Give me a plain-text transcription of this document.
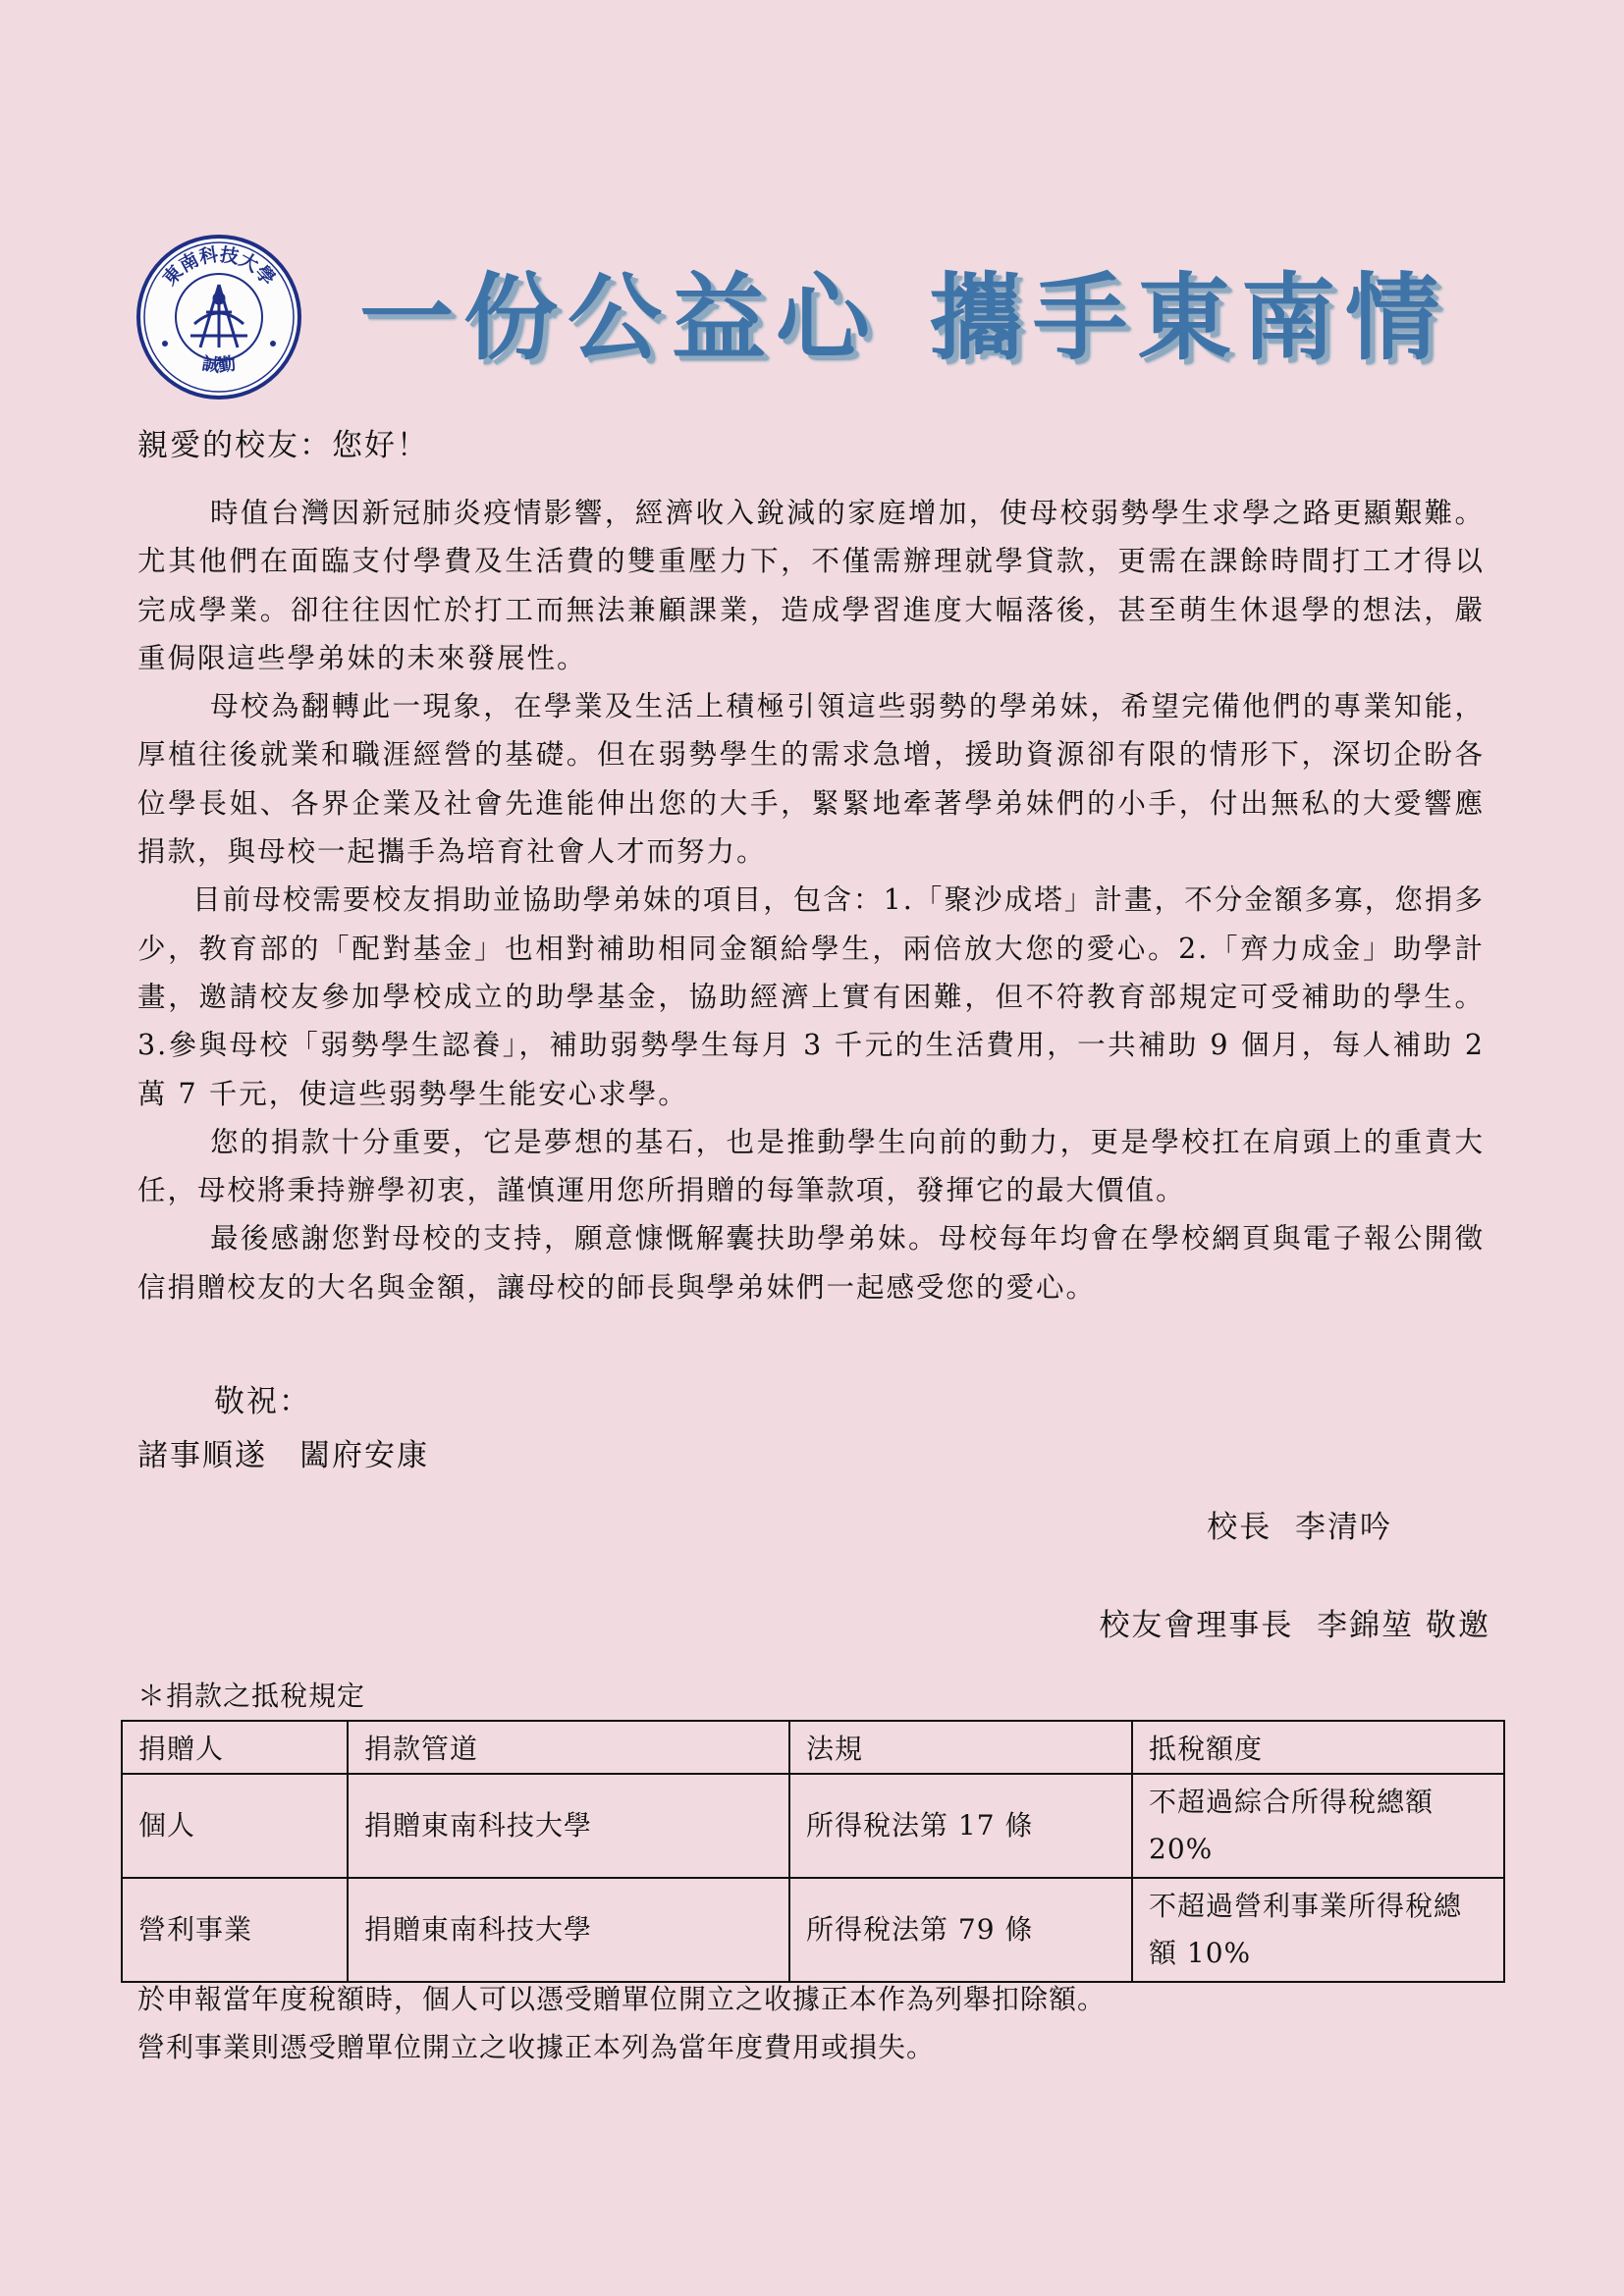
東南科技大學
誠勤 一份公益心 攜手東南情
親愛的校友：您好！

時值台灣因新冠肺炎疫情影響，經濟收入銳減的家庭增加，使母校弱勢學生求學之路更顯艱難。尤其他們在面臨支付學費及生活費的雙重壓力下，不僅需辦理就學貸款，更需在課餘時間打工才得以完成學業。卻往往因忙於打工而無法兼顧課業，造成學習進度大幅落後，甚至萌生休退學的想法，嚴重侷限這些學弟妹的未來發展性。

母校為翻轉此一現象，在學業及生活上積極引領這些弱勢的學弟妹，希望完備他們的專業知能，厚植往後就業和職涯經營的基礎。但在弱勢學生的需求急增，援助資源卻有限的情形下，深切企盼各位學長姐、各界企業及社會先進能伸出您的大手，緊緊地牽著學弟妹們的小手，付出無私的大愛響應捐款，與母校一起攜手為培育社會人才而努力。

目前母校需要校友捐助並協助學弟妹的項目，包含：1.「聚沙成塔」計畫，不分金額多寡，您捐多少，教育部的「配對基金」也相對補助相同金額給學生，兩倍放大您的愛心。2.「齊力成金」助學計畫，邀請校友參加學校成立的助學基金，協助經濟上實有困難，但不符教育部規定可受補助的學生。3.參與母校「弱勢學生認養」，補助弱勢學生每月 3 千元的生活費用，一共補助 9 個月，每人補助 2 萬 7 千元，使這些弱勢學生能安心求學。

您的捐款十分重要，它是夢想的基石，也是推動學生向前的動力，更是學校扛在肩頭上的重責大任，母校將秉持辦學初衷，謹慎運用您所捐贈的每筆款項，發揮它的最大價值。

最後感謝您對母校的支持，願意慷慨解囊扶助學弟妹。母校每年均會在學校網頁與電子報公開徵信捐贈校友的大名與金額，讓母校的師長與學弟妹們一起感受您的愛心。

敬祝：
諸事順遂　闔府安康
校長  李清吟
校友會理事長  李錦堃 敬邀
＊捐款之抵稅規定
捐贈人	捐款管道	法規	抵稅額度
個人	捐贈東南科技大學	所得稅法第 17 條	不超過綜合所得稅總額 20%
營利事業	捐贈東南科技大學	所得稅法第 79 條	不超過營利事業所得稅總額 10%
於申報當年度稅額時，個人可以憑受贈單位開立之收據正本作為列舉扣除額。
營利事業則憑受贈單位開立之收據正本列為當年度費用或損失。
